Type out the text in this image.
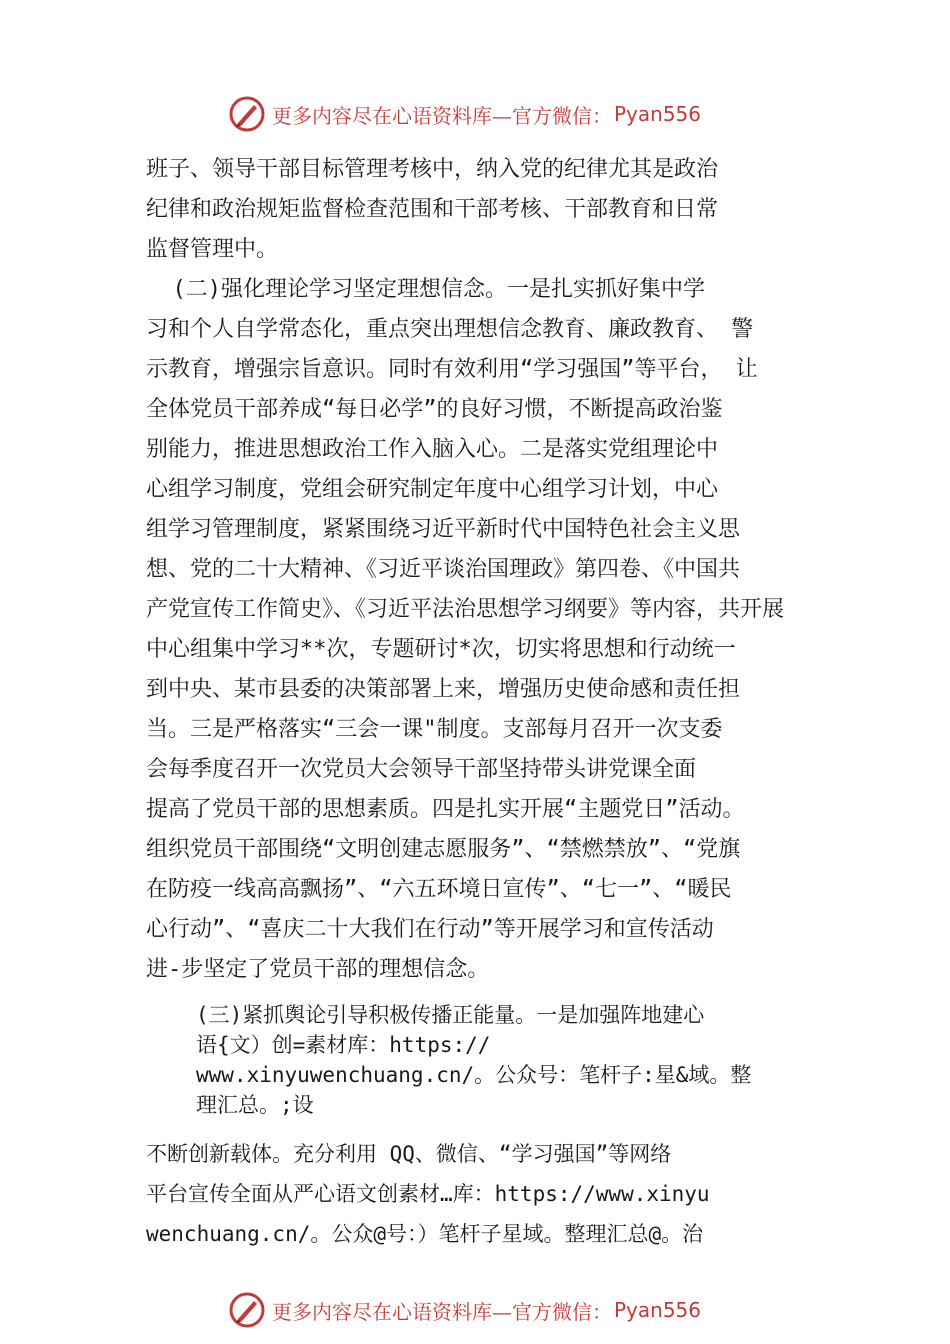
更多内容尽在心语资料库—官方微信： Pyan556
班子、领导干部目标管理考核中，纳入党的纪律尤其是政治
纪律和政治规矩监督检查范围和干部考核、干部教育和日常
监督管理中。
(二)强化理论学习坚定理想信念。一是扎实抓好集中学
习和个人自学常态化，重点突出理想信念教育、廉政教育、 警
示教育，增强宗旨意识。同时有效利用“学习强国”等平台， 让
全体党员干部养成“每日必学”的良好习惯，不断提高政治鉴
别能力，推进思想政治工作入脑入心。二是落实党组理论中
心组学习制度，党组会研究制定年度中心组学习计划，中心
组学习管理制度，紧紧围绕习近平新时代中国特色社会主义思
想、党的二十大精神、《习近平谈治国理政》第四卷、《中国共
产党宣传工作简史》、《习近平法治思想学习纲要》等内容，共开展
中心组集中学习**次，专题研讨*次，切实将思想和行动统一
到中央、某市县委的决策部署上来，增强历史使命感和责任担
当。三是严格落实“三会一课"制度。支部每月召开一次支委
会每季度召开一次党员大会领导干部坚持带头讲党课全面
提高了党员干部的思想素质。四是扎实开展“主题党日”活动。
组织党员干部围绕“文明创建志愿服务”、“禁燃禁放”、“党旗
在防疫一线高高飘扬”、“六五环境日宣传”、“七一”、“暖民
心行动”、“喜庆二十大我们在行动”等开展学习和宣传活动
进-步坚定了党员干部的理想信念。
(三)紧抓舆论引导积极传播正能量。一是加强阵地建心
语{文）创=素材库：https://
www.xinyuwenchuang.cn/。公众号：笔杆子:星&域。整
理汇总。;设
不断创新载体。充分利用 QQ、微信、“学习强国”等网络
平台宣传全面从严心语文创素材…库：https://www.xinyu
wenchuang.cn/。公众@号：）笔杆子星域。整理汇总@。治
更多内容尽在心语资料库—官方微信： Pyan556
